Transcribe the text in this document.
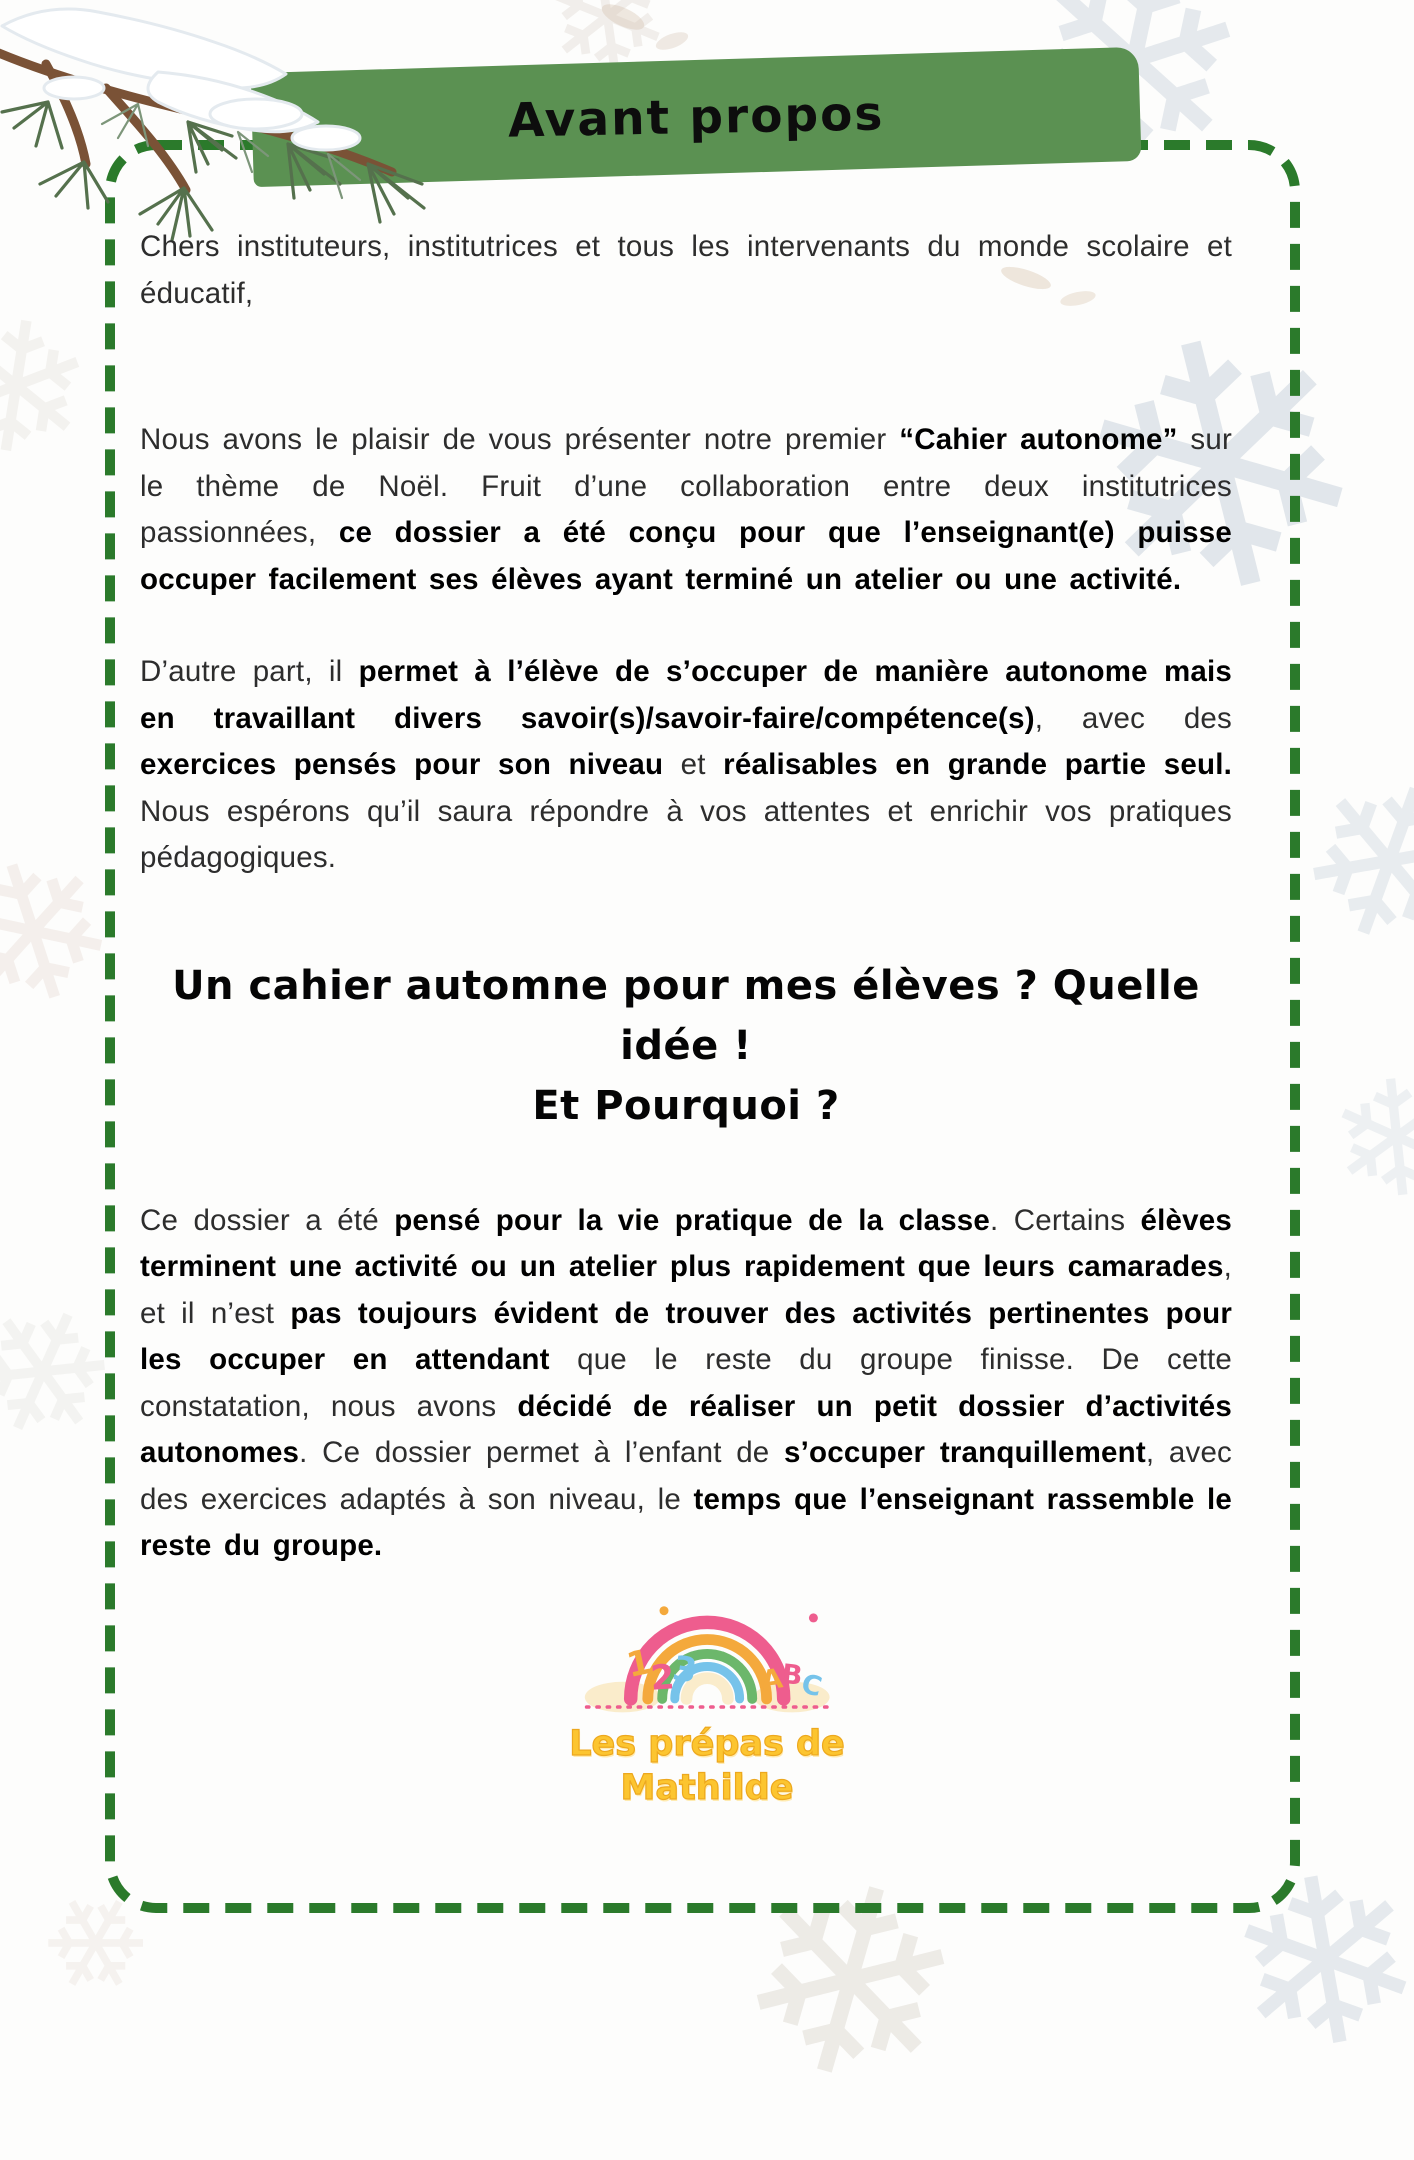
❄
❄
❄
❄
❄
❄
❄
❄
❄
❄
❄
Avant propos

Chers instituteurs, institutrices et tous les intervenants du monde scolaire et éducatif,

Nous avons le plaisir de vous présenter notre premier “Cahier autonome” sur le thème de Noël. Fruit d’une collaboration entre deux institutrices passionnées, ce dossier a été conçu pour que l’enseignant(e) puisse occuper facilement ses élèves ayant terminé un atelier ou une activité.

D’autre part, il permet à l’élève de s’occuper de manière autonome mais en travaillant divers savoir(s)/savoir-faire/compétence(s), avec des exercices pensés pour son niveau et réalisables en grande partie seul. Nous espérons qu’il saura répondre à vos attentes et enrichir vos pratiques pédagogiques.

Un cahier automne pour mes élèves ? Quelle idée !
Et Pourquoi ?

Ce dossier a été pensé pour la vie pratique de la classe. Certains élèves terminent une activité ou un atelier plus rapidement que leurs camarades, et il n’est pas toujours évident de trouver des activités pertinentes pour les occuper en attendant que le reste du groupe finisse. De cette constatation, nous avons décidé de réaliser un petit dossier d’activités autonomes. Ce dossier permet à l’enfant de s’occuper tranquillement, avec des exercices adaptés à son niveau, le temps que l’enseignant rassemble le reste du groupe.

1
2
3 A
B
C
Les prépas de
Mathilde
